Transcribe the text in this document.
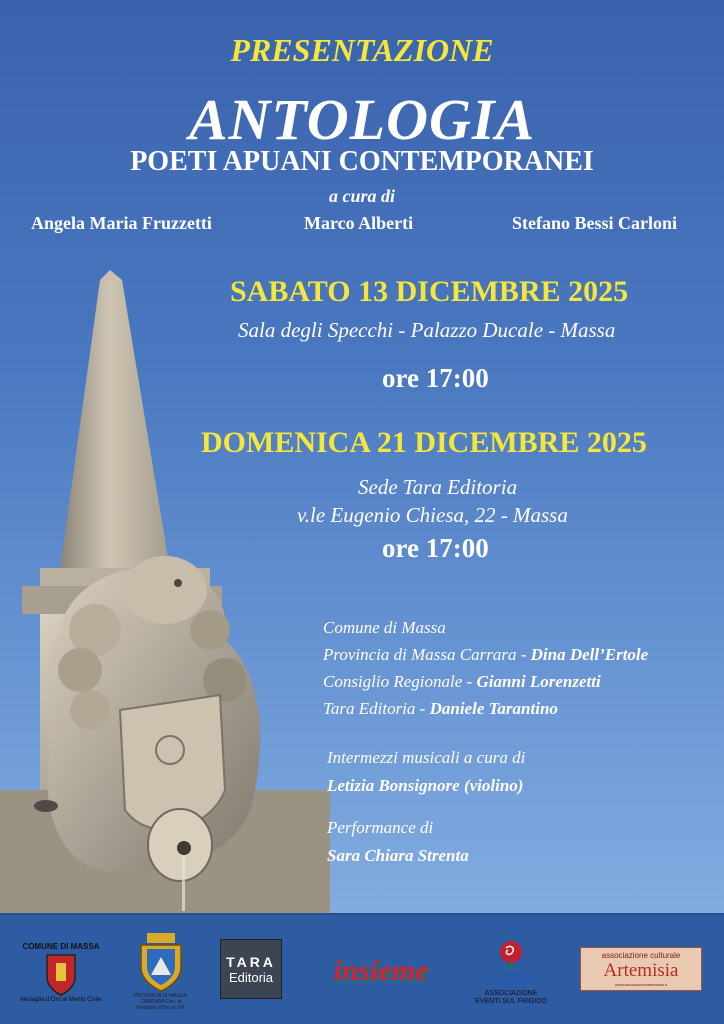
PRESENTAZIONE
ANTOLOGIA
POETI APUANI CONTEMPORANEI
a cura di
Angela Maria Fruzzetti	Marco Alberti	Stefano Bessi Carloni
SABATO 13 DICEMBRE 2025
Sala degli Specchi - Palazzo Ducale - Massa
ore 17:00
DOMENICA 21 DICEMBRE 2025
Sede Tara Editoria
v.le Eugenio Chiesa, 22 - Massa
ore 17:00
Comune di Massa
Provincia di Massa Carrara - Dina Dell’Ertole
Consiglio Regionale - Gianni Lorenzetti
Tara Editoria - Daniele Tarantino
Intermezzi musicali a cura di
Letizia Bonsignore (violino)
Performance di
Sara Chiara Strenta
COMUNE DI MASSA
Medaglia d’Oro al Merito Civile
PROVINCIA DI MASSA-CARRARA Dec. di Medaglia d’Oro al VM.
TARA
Editoria insieme
ASSOCIAZIONE
EVENTI SUL FRIGIDO
associazione culturale
Artemisia
www.associazioneartemisia.it
